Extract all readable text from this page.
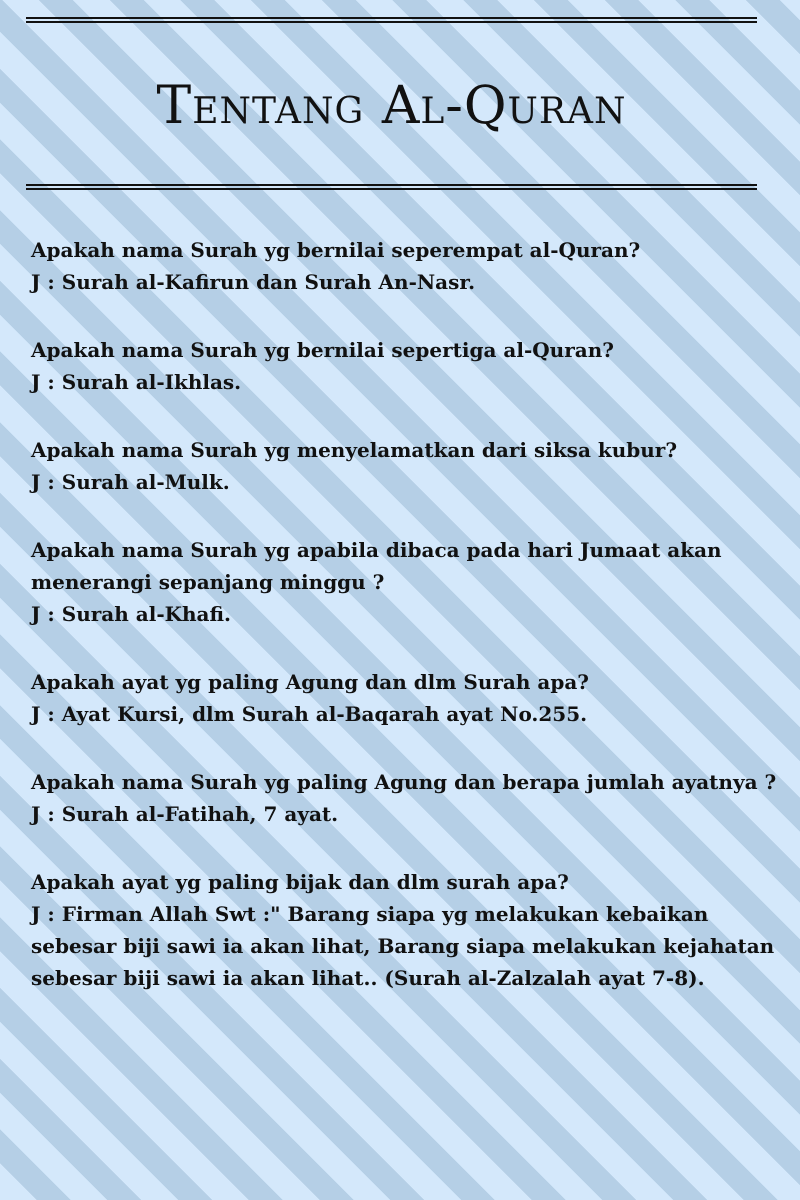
Tentang Al-Quran
Apakah nama Surah yg bernilai seperempat al-Quran?
J : Surah al-Kafirun dan Surah An-Nasr.
Apakah nama Surah yg bernilai sepertiga al-Quran?
J : Surah al-Ikhlas.
Apakah nama Surah yg menyelamatkan dari siksa kubur?
J : Surah al-Mulk.
Apakah nama Surah yg apabila dibaca pada hari Jumaat akan menerangi sepanjang minggu ?
J : Surah al-Khafi.
Apakah ayat yg paling Agung dan dlm Surah apa?
J : Ayat Kursi, dlm Surah al-Baqarah ayat No.255.
Apakah nama Surah yg paling Agung dan berapa jumlah ayatnya ?
J : Surah al-Fatihah, 7 ayat.
Apakah ayat yg paling bijak dan dlm surah apa?
J : Firman Allah Swt :" Barang siapa yg melakukan kebaikan sebesar biji sawi ia akan lihat, Barang siapa melakukan kejahatan sebesar biji sawi ia akan lihat.. (Surah al-Zalzalah ayat 7-8).
